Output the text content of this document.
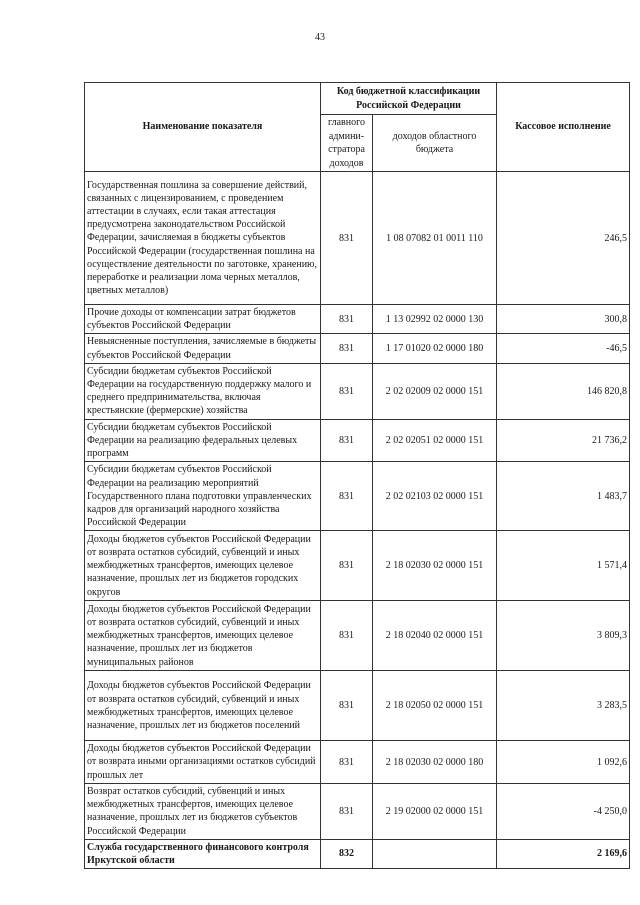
43
Наименование показателя	Код бюджетной классификации Российской Федерации		Кассовое исполнение
	главного админи-стратора доходов	доходов областного бюджета	
Государственная пошлина за совершение действий, связанных с лицензированием, с проведением аттестации в случаях, если такая аттестация предусмотрена законодательством Российской Федерации, зачисляемая в бюджеты субъектов Российской Федерации (государственная пошлина на осуществление деятельности по заготовке, хранению, переработке и реализации лома черных металлов, цветных металлов)	831	1 08 07082 01 0011 110	246,5
Прочие доходы от компенсации затрат бюджетов субъектов Российской Федерации	831	1 13 02992 02 0000 130	300,8
Невыясненные поступления, зачисляемые в бюджеты субъектов Российской Федерации	831	1 17 01020 02 0000 180	-46,5
Субсидии бюджетам субъектов Российской Федерации на государственную поддержку малого и среднего предпринимательства, включая крестьянские (фермерские) хозяйства	831	2 02 02009 02 0000 151	146 820,8
Субсидии бюджетам субъектов Российской Федерации на реализацию федеральных целевых программ	831	2 02 02051 02 0000 151	21 736,2
Субсидии бюджетам субъектов Российской Федерации на реализацию мероприятий Государственного плана подготовки управленческих кадров для организаций народного хозяйства Российской Федерации	831	2 02 02103 02 0000 151	1 483,7
Доходы бюджетов субъектов Российской Федерации от возврата остатков субсидий, субвенций и иных межбюджетных трансфертов, имеющих целевое назначение, прошлых лет из бюджетов городских округов	831	2 18 02030 02 0000 151	1 571,4
Доходы бюджетов субъектов Российской Федерации от возврата остатков субсидий, субвенций и иных межбюджетных трансфертов, имеющих целевое назначение, прошлых лет из бюджетов муниципальных районов	831	2 18 02040 02 0000 151	3 809,3
Доходы бюджетов субъектов Российской Федерации от возврата остатков субсидий, субвенций и иных межбюджетных трансфертов, имеющих целевое назначение, прошлых лет из бюджетов поселений	831	2 18 02050 02 0000 151	3 283,5
Доходы бюджетов субъектов Российской Федерации от возврата иными организациями остатков субсидий прошлых лет	831	2 18 02030 02 0000 180	1 092,6
Возврат остатков субсидий, субвенций и иных межбюджетных трансфертов, имеющих целевое назначение, прошлых лет из бюджетов субъектов Российской Федерации	831	2 19 02000 02 0000 151	-4 250,0
Служба государственного финансового контроля Иркутской области	832		2 169,6
